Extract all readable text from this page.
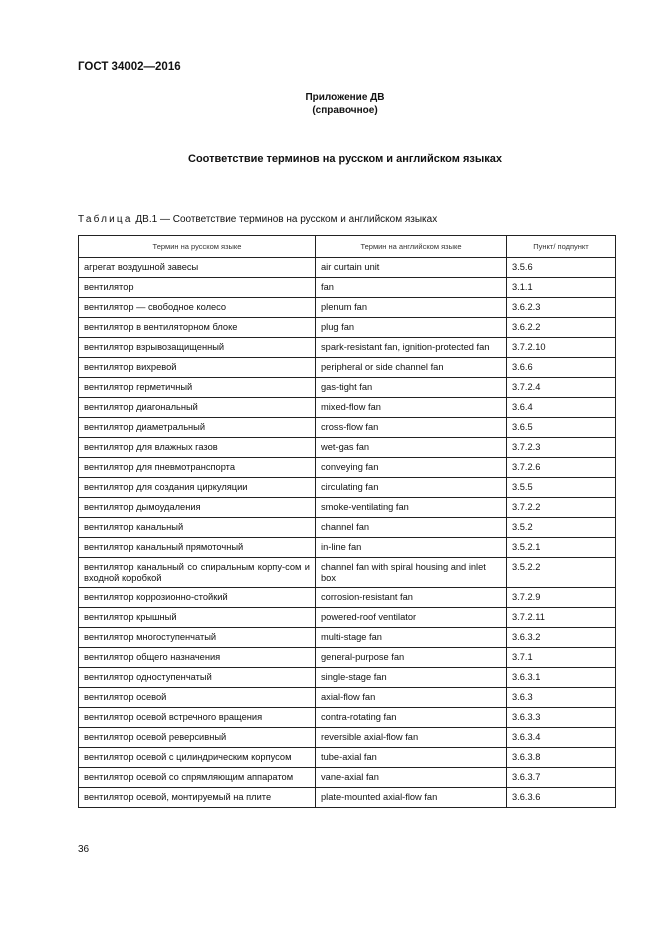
ГОСТ 34002—2016
Приложение ДВ
(справочное)
Соответствие терминов на русском и английском языках
Таблица ДВ.1 — Соответствие терминов на русском и английском языках
Термин на русском языке	Термин на английском языке	Пункт/ подпункт
агрегат воздушной завесы	air curtain unit	3.5.6
вентилятор	fan	3.1.1
вентилятор — свободное колесо	plenum fan	3.6.2.3
вентилятор в вентиляторном блоке	plug fan	3.6.2.2
вентилятор взрывозащищенный	spark-resistant fan, ignition-protected fan	3.7.2.10
вентилятор вихревой	peripheral or side channel fan	3.6.6
вентилятор герметичный	gas-tight fan	3.7.2.4
вентилятор диагональный	mixed-flow fan	3.6.4
вентилятор диаметральный	cross-flow fan	3.6.5
вентилятор для влажных газов	wet-gas fan	3.7.2.3
вентилятор для пневмотранспорта	conveying fan	3.7.2.6
вентилятор для создания циркуляции	circulating fan	3.5.5
вентилятор дымоудаления	smoke-ventilating fan	3.7.2.2
вентилятор канальный	channel fan	3.5.2
вентилятор канальный прямоточный	in-line fan	3.5.2.1
вентилятор канальный со спиральным корпу-сом и входной коробкой	channel fan with spiral housing and inlet box	3.5.2.2
вентилятор коррозионно-стойкий	corrosion-resistant fan	3.7.2.9
вентилятор крышный	powered-roof ventilator	3.7.2.11
вентилятор многоступенчатый	multi-stage fan	3.6.3.2
вентилятор общего назначения	general-purpose fan	3.7.1
вентилятор одноступенчатый	single-stage fan	3.6.3.1
вентилятор осевой	axial-flow fan	3.6.3
вентилятор осевой встречного вращения	contra-rotating fan	3.6.3.3
вентилятор осевой реверсивный	reversible axial-flow fan	3.6.3.4
вентилятор осевой с цилиндрическим корпусом	tube-axial fan	3.6.3.8
вентилятор осевой со спрямляющим аппаратом	vane-axial fan	3.6.3.7
вентилятор осевой, монтируемый на плите	plate-mounted axial-flow fan	3.6.3.6
36
